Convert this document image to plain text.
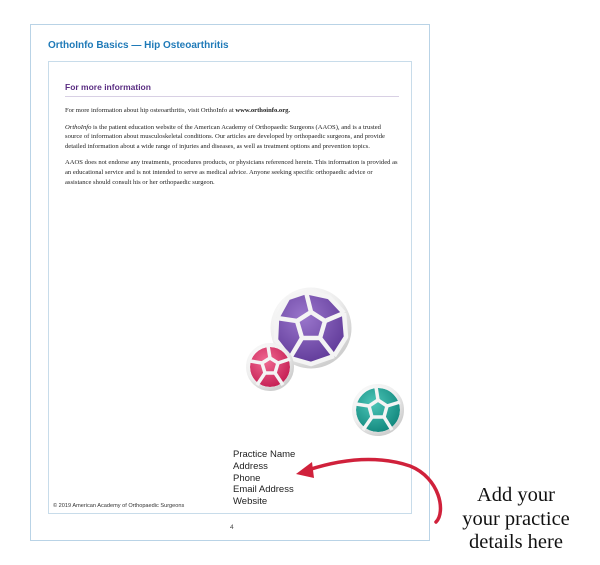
OrthoInfo Basics — Hip Osteoarthritis
For more information

For more information about hip osteoarthritis, visit OrthoInfo at www.orthoinfo.org.

OrthoInfo is the patient education website of the American Academy of Orthopaedic Surgeons (AAOS), and is a trusted source of information about musculoskeletal conditions. Our articles are developed by orthopaedic surgeons, and provide detailed information about a wide range of injuries and diseases, as well as treatment options and prevention topics.

AAOS does not endorse any treatments, procedures products, or physicians referenced herein. This information is provided as an educational service and is not intended to serve as medical advice. Anyone seeking specific orthopaedic advice or assistance should consult his or her orthopaedic surgeon.

© 2019 American Academy of Orthopaedic Surgeons
4
Practice Name
Address
Phone
Email Address
Website	Add your
your practice
details here
